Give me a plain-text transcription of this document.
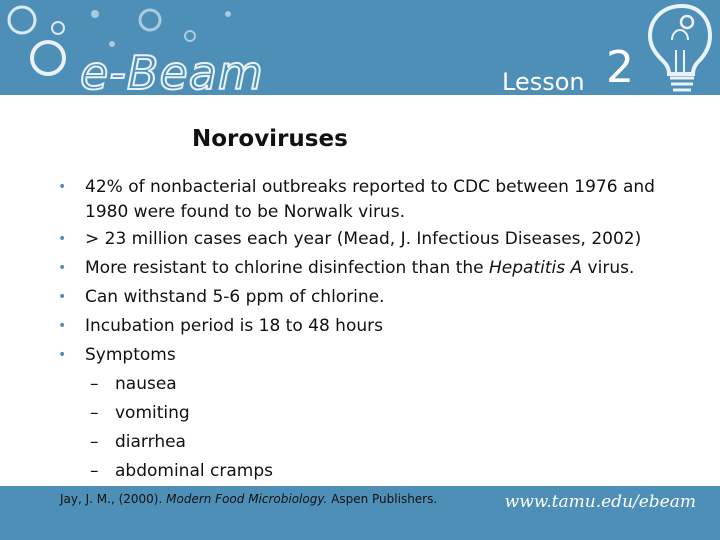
e-Beam	Lesson 2
Noroviruses
• 42% of nonbacterial outbreaks reported to CDC between 1976 and 1980 were found to be Norwalk virus.
• > 23 million cases each year (Mead, J. Infectious Diseases, 2002)
• More resistant to chlorine disinfection than the Hepatitis A virus.
• Can withstand 5-6 ppm of chlorine.
• Incubation period is 18 to 48 hours
• Symptoms
– nausea
– vomiting
– diarrhea
– abdominal cramps
Jay, J. M., (2000). Modern Food Microbiology. Aspen Publishers.	www.tamu.edu/ebeam
